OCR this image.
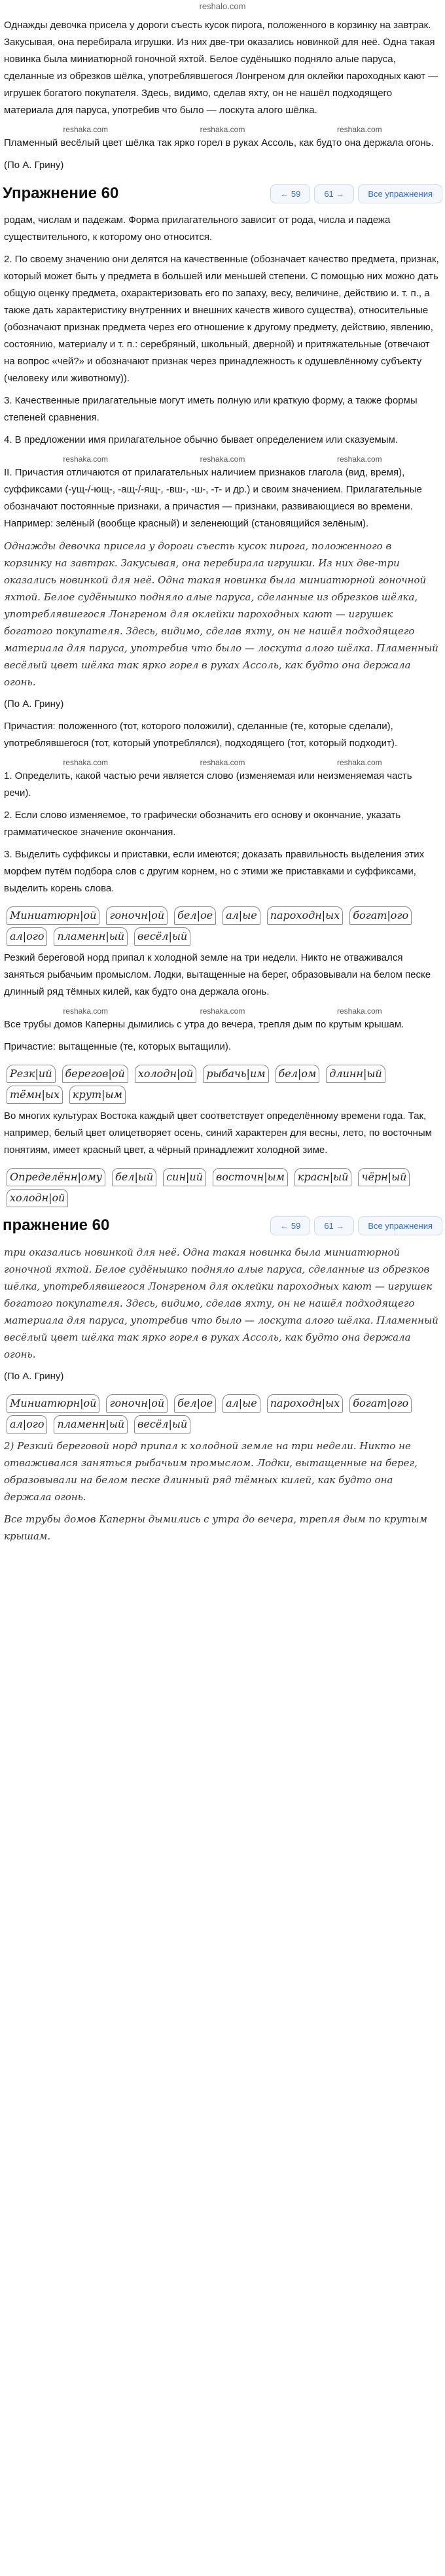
reshalo.com

Однажды девочка присела у дороги съесть кусок пирога, положенного в корзинку на завтрак. Закусывая, она перебирала игрушки. Из них две-три оказались новинкой для неё. Одна такая новинка была миниатюрной гоночной яхтой. Белое судёнышко подняло алые паруса, сделанные из обрезков шёлка, употреблявшегося Лонгреном для оклейки пароходных кают — игрушек богатого покупателя. Здесь, видимо, сделав яхту, он не нашёл подходящего материала для паруса, употребив что было — лоскута алого шёлка.

reshaka.com	reshaka.com	reshaka.com

Пламенный весёлый цвет шёлка так ярко горел в руках Ассоль, как будто она держала огонь.

(По А. Грину)

Упражнение 60	← 59	61 →	Все упражнения

родам, числам и падежам. Форма прилагательного зависит от рода, числа и падежа существительного, к которому оно относится.

2. По своему значению они делятся на качественные (обозначает качество предмета, признак, который может быть у предмета в большей или меньшей степени. С помощью них можно дать общую оценку предмета, охарактеризовать его по запаху, весу, величине, действию и. т. п., а также дать характеристику внутренних и внешних качеств живого существа), относительные (обозначают признак предмета через его отношение к другому предмету, действию, явлению, состоянию, материалу и т. п.: серебряный, школьный, дверной) и притяжательные (отвечают на вопрос «чей?» и обозначают признак через принадлежность к одушевлённому субъекту (человеку или животному)).

3. Качественные прилагательные могут иметь полную или краткую форму, а также формы степеней сравнения.

4. В предложении имя прилагательное обычно бывает определением или сказуемым.

reshaka.com	reshaka.com	reshaka.com

II. Причастия отличаются от прилагательных наличием признаков глагола (вид, время), суффиксами (-ущ-/-ющ-, -ащ-/-ящ-, -вш-, -ш-, -т- и др.) и своим значением. Прилагательные обозначают постоянные признаки, а причастия — признаки, развивающиеся во времени. Например: зелёный (вообще красный) и зеленеющий (становящийся зелёным).

Однажды девочка присела у дороги съесть кусок пирога, положенного в корзинку на завтрак. Закусывая, она перебирала игрушки. Из них две-три оказались новинкой для неё. Одна такая новинка была миниатюрной гоночной яхтой. Белое судёнышко подняло алые паруса, сделанные из обрезков шёлка, употреблявшегося Лонгреном для оклейки пароходных кают — игрушек богатого покупателя. Здесь, видимо, сделав яхту, он не нашёл подходящего материала для паруса, употребив что было — лоскута алого шёлка. Пламенный весёлый цвет шёлка так ярко горел в руках Ассоль, как будто она держала огонь.

(По А. Грину)

Причастия: положенного (тот, которого положили), сделанные (те, которые сделали), употреблявшегося (тот, который употреблялся), подходящего (тот, который подходит).

reshaka.com	reshaka.com	reshaka.com

1. Определить, какой частью речи является слово (изменяемая или неизменяемая часть речи).

2. Если слово изменяемое, то графически обозначить его основу и окончание, указать грамматическое значение окончания.

3. Выделить суффиксы и приставки, если имеются; доказать правильность выделения этих морфем путём подбора слов с другим корнем, но с этими же приставками и суффиксами, выделить корень слова.

Миниатюрн|ой	гоночн|ой	бел|ое	ал|ые	пароходн|ых	богат|ого
ал|ого	пламенн|ый	весёл|ый

Резкий береговой норд припал к холодной земле на три недели. Никто не отваживался заняться рыбачьим промыслом. Лодки, вытащенные на берег, образовывали на белом песке длинный ряд тёмных килей, как будто она держала огонь.

reshaka.com	reshaka.com	reshaka.com

Все трубы домов Каперны дымились с утра до вечера, трепля дым по крутым крышам.

Причастие: вытащенные (те, которых вытащили).

Резк|ий	берегов|ой	холодн|ой	рыбачь|им	бел|ом	длинн|ый
тёмн|ых	крут|ым

Во многих культурах Востока каждый цвет соответствует определённому времени года. Так, например, белый цвет олицетворяет осень, синий характерен для весны, лето, по восточным понятиям, имеет красный цвет, а чёрный принадлежит холодной зиме.

Определённ|ому	бел|ый	син|ий	восточн|ым	красн|ый	чёрн|ый
холодн|ой
пражнение 60	← 59	61 →	Все упражнения

три оказались новинкой для неё. Одна такая новинка была миниатюрной гоночной яхтой. Белое судёнышко подняло алые паруса, сделанные из обрезков шёлка, употреблявшегося Лонгреном для оклейки пароходных кают — игрушек богатого покупателя. Здесь, видимо, сделав яхту, он не нашёл подходящего материала для паруса, употребив что было — лоскута алого шёлка. Пламенный весёлый цвет шёлка так ярко горел в руках Ассоль, как будто она держала огонь.

(По А. Грину)

Миниатюрн|ой	гоночн|ой	бел|ое	ал|ые	пароходн|ых	богат|ого
ал|ого	пламенн|ый	весёл|ый

2) Резкий береговой норд припал к холодной земле на три недели. Никто не отваживался заняться рыбачьим промыслом. Лодки, вытащенные на берег, образовывали на белом песке длинный ряд тёмных килей, как будто она держала огонь.

Все трубы домов Каперны дымились с утра до вечера, трепля дым по крутым крышам.
